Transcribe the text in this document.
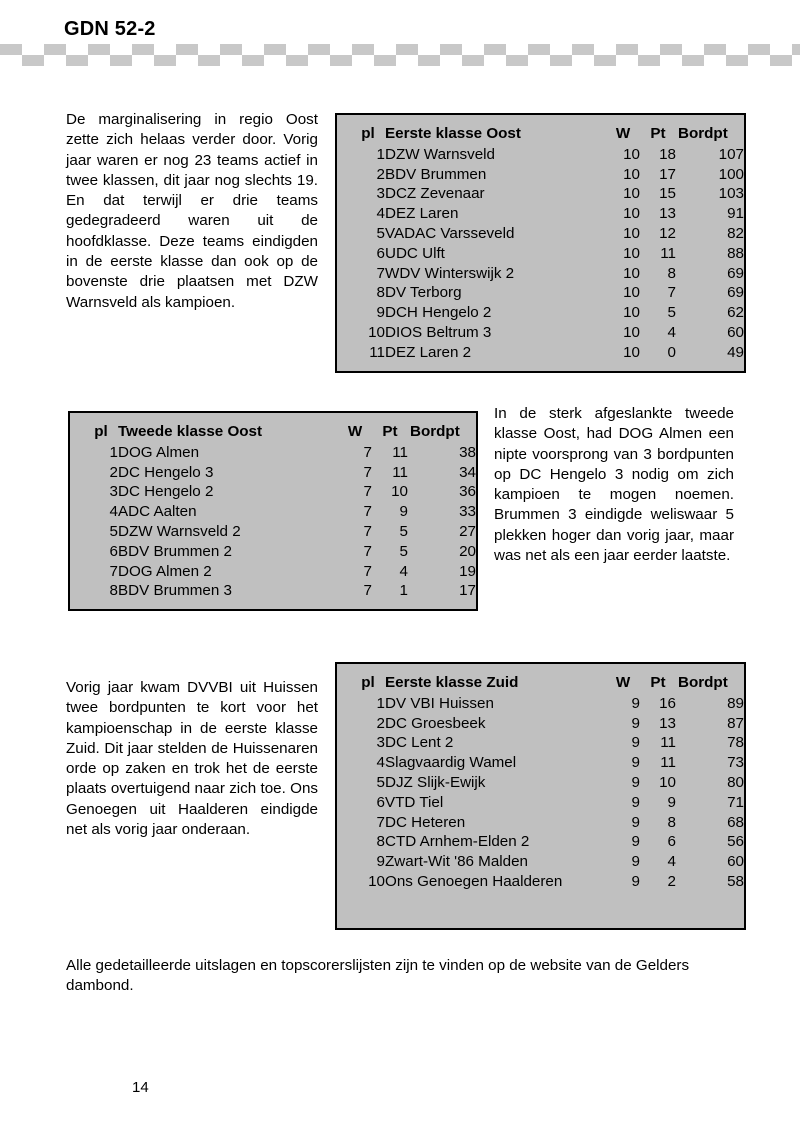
GDN 52-2
De marginalisering in regio Oost zette zich helaas verder door. Vorig jaar waren er nog 23 teams actief in twee klassen, dit jaar nog slechts 19. En dat terwijl er drie teams gedegradeerd waren uit de hoofdklasse. Deze teams eindigden in de eerste klasse dan ook op de bovenste drie plaatsen met DZW Warnsveld als kampioen.
In de sterk afgeslankte tweede klasse Oost, had DOG Almen een nipte voorsprong van 3 bordpunten op DC Hengelo 3 nodig om zich kampioen te mogen noemen. Brummen 3 eindigde weliswaar 5 plekken hoger dan vorig jaar, maar was net als een jaar eerder laatste.
Vorig jaar kwam DVVBI uit Huissen twee bordpunten te kort voor het kampioenschap in de eerste klasse Zuid. Dit jaar stelden de Huissenaren orde op zaken en trok het de eerste plaats overtuigend naar zich toe. Ons Genoegen uit Haalderen eindigde net als vorig jaar onderaan.
Alle gedetailleerde uitslagen en topscorerslijsten zijn te vinden op de website van de Gelders dambond.
pl	Eerste klasse Oost	W	Pt	Bordpt
1	DZW Warnsveld	10	18	107
2	BDV Brummen	10	17	100
3	DCZ Zevenaar	10	15	103
4	DEZ Laren	10	13	91
5	VADAC Varsseveld	10	12	82
6	UDC Ulft	10	11	88
7	WDV Winterswijk 2	10	8	69
8	DV Terborg	10	7	69
9	DCH Hengelo 2	10	5	62
10	DIOS Beltrum 3	10	4	60
11	DEZ Laren 2	10	0	49
pl	Tweede klasse Oost	W	Pt	Bordpt
1	DOG Almen	7	11	38
2	DC Hengelo 3	7	11	34
3	DC Hengelo 2	7	10	36
4	ADC Aalten	7	9	33
5	DZW Warnsveld 2	7	5	27
6	BDV Brummen 2	7	5	20
7	DOG Almen 2	7	4	19
8	BDV Brummen 3	7	1	17
pl	Eerste klasse Zuid	W	Pt	Bordpt
1	DV VBI Huissen	9	16	89
2	DC Groesbeek	9	13	87
3	DC Lent 2	9	11	78
4	Slagvaardig Wamel	9	11	73
5	DJZ Slijk-Ewijk	9	10	80
6	VTD Tiel	9	9	71
7	DC Heteren	9	8	68
8	CTD Arnhem-Elden 2	9	6	56
9	Zwart-Wit '86 Malden	9	4	60
10	Ons Genoegen Haalderen	9	2	58
14
